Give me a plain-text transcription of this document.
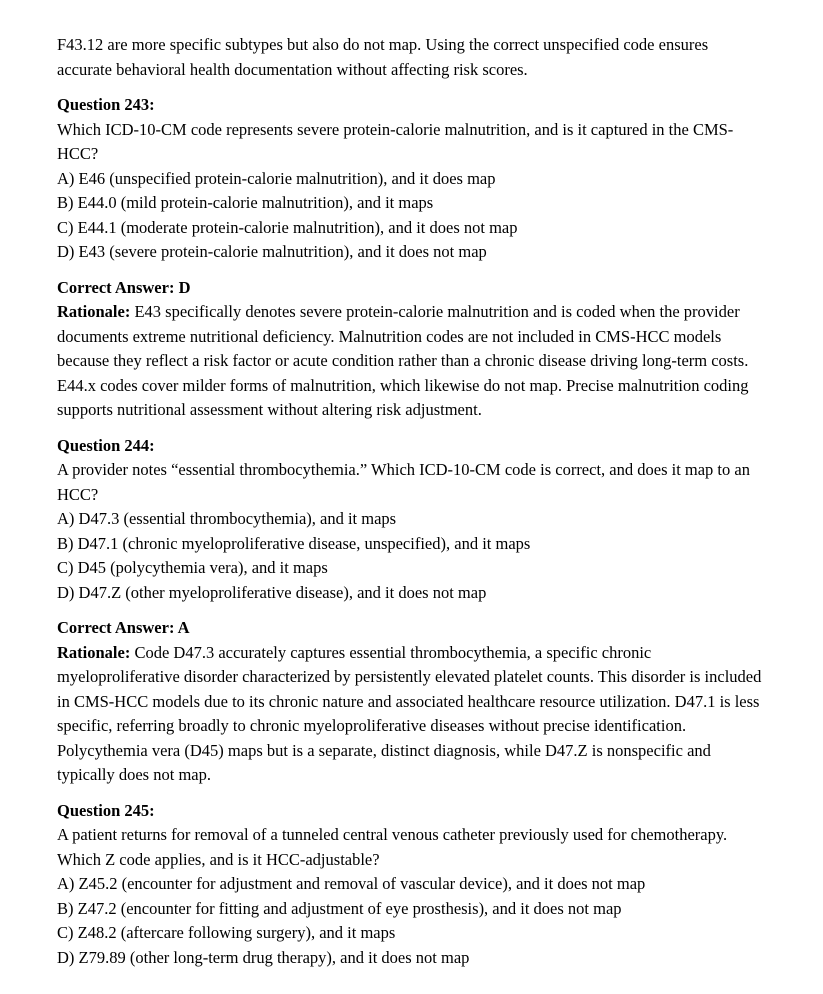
F43.12 are more specific subtypes but also do not map. Using the correct unspecified code ensures accurate behavioral health documentation without affecting risk scores.

Question 243:

Which ICD-10-CM code represents severe protein-calorie malnutrition, and is it captured in the CMS-HCC?

A) E46 (unspecified protein-calorie malnutrition), and it does map

B) E44.0 (mild protein-calorie malnutrition), and it maps

C) E44.1 (moderate protein-calorie malnutrition), and it does not map

D) E43 (severe protein-calorie malnutrition), and it does not map

Correct Answer: D

Rationale: E43 specifically denotes severe protein-calorie malnutrition and is coded when the provider documents extreme nutritional deficiency. Malnutrition codes are not included in CMS-HCC models because they reflect a risk factor or acute condition rather than a chronic disease driving long-term costs. E44.x codes cover milder forms of malnutrition, which likewise do not map. Precise malnutrition coding supports nutritional assessment without altering risk adjustment.

Question 244:

A provider notes “essential thrombocythemia.” Which ICD-10-CM code is correct, and does it map to an HCC?

A) D47.3 (essential thrombocythemia), and it maps

B) D47.1 (chronic myeloproliferative disease, unspecified), and it maps

C) D45 (polycythemia vera), and it maps

D) D47.Z (other myeloproliferative disease), and it does not map

Correct Answer: A

Rationale: Code D47.3 accurately captures essential thrombocythemia, a specific chronic myeloproliferative disorder characterized by persistently elevated platelet counts. This disorder is included in CMS-HCC models due to its chronic nature and associated healthcare resource utilization. D47.1 is less specific, referring broadly to chronic myeloproliferative diseases without precise identification. Polycythemia vera (D45) maps but is a separate, distinct diagnosis, while D47.Z is nonspecific and typically does not map.

Question 245:

A patient returns for removal of a tunneled central venous catheter previously used for chemotherapy. Which Z code applies, and is it HCC-adjustable?

A) Z45.2 (encounter for adjustment and removal of vascular device), and it does not map

B) Z47.2 (encounter for fitting and adjustment of eye prosthesis), and it does not map

C) Z48.2 (aftercare following surgery), and it maps

D) Z79.89 (other long-term drug therapy), and it does not map
